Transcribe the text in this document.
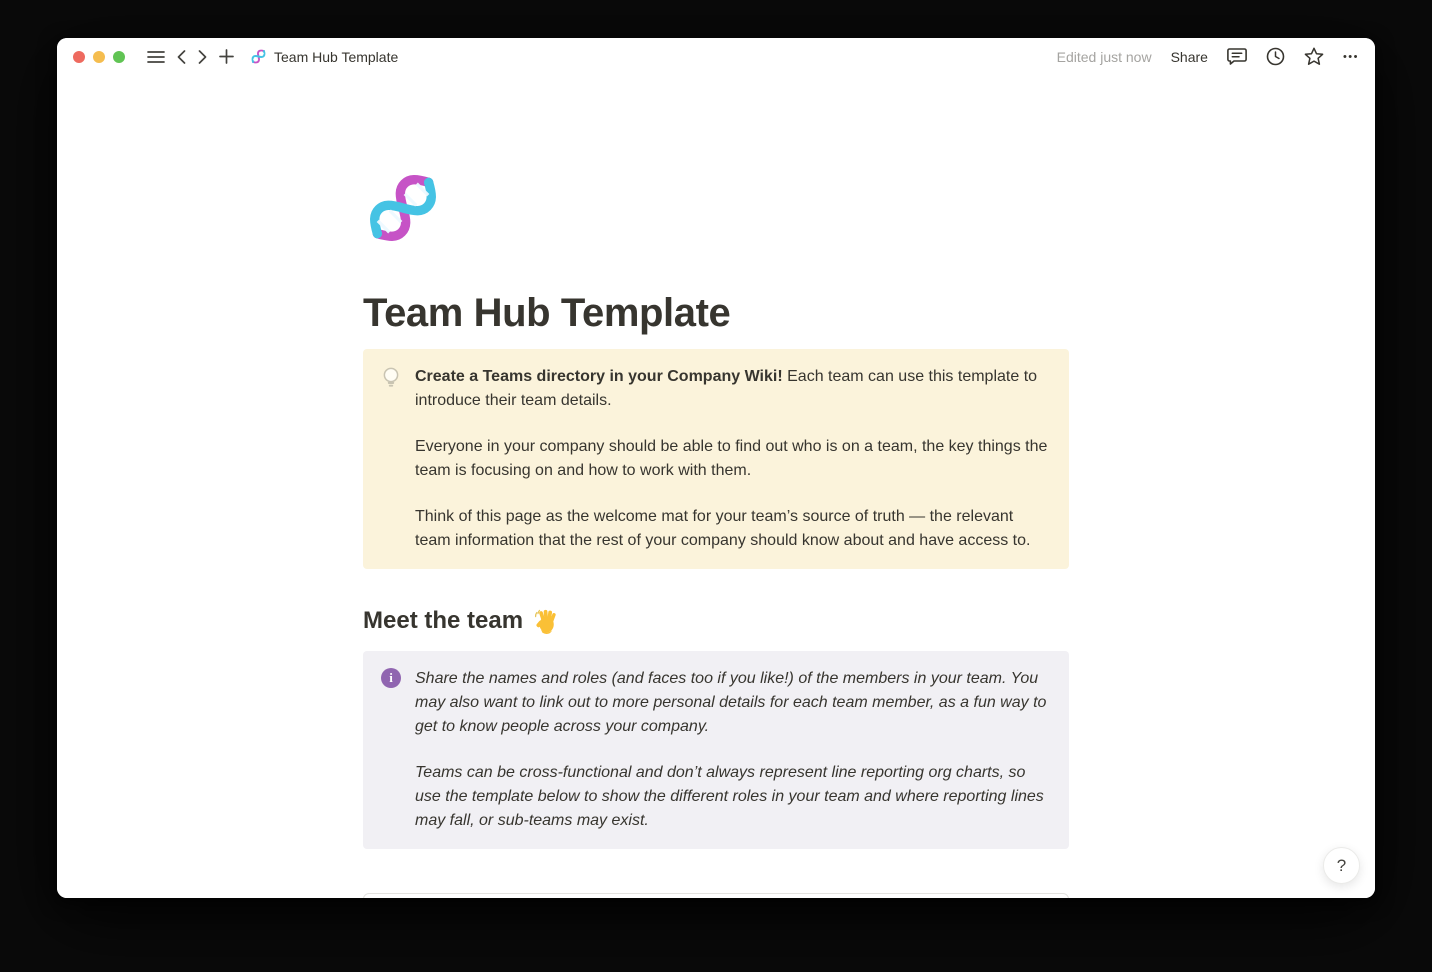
Team Hub Template	Edited just now Share	•••
Team Hub Template

Create a Teams directory in your Company Wiki! Each team can use this template to introduce their team details.

Everyone in your company should be able to find out who is on a team, the key things the team is focusing on and how to work with them.

Think of this page as the welcome mat for your team’s source of truth — the relevant team information that the rest of your company should know about and have access to.

Meet the team
i	Share the names and roles (and faces too if you like!) of the members in your team. You may also want to link out to more personal details for each team member, as a fun way to get to know people across your company.

Teams can be cross-functional and don’t always represent line reporting org charts, so use the template below to show the different roles in your team and where reporting lines may fall, or sub-teams may exist.

?
